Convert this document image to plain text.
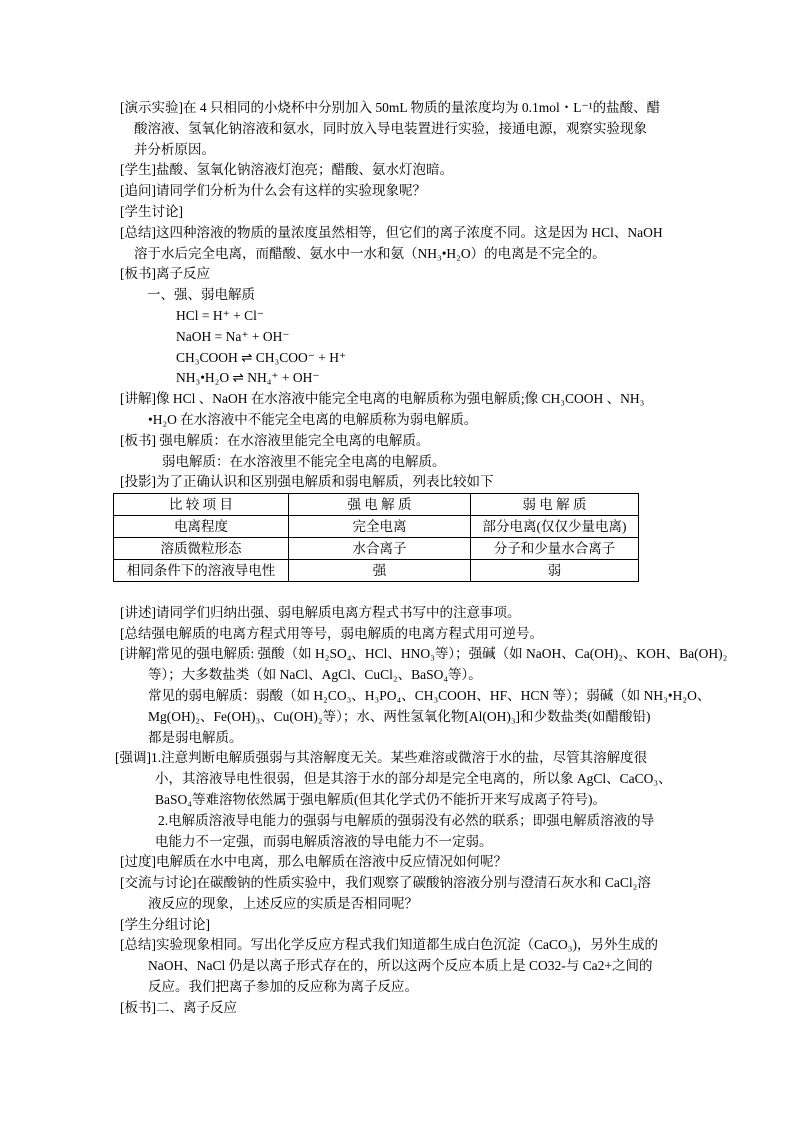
[演示实验]在 4 只相同的小烧杯中分别加入 50mL 物质的量浓度均为 0.1mol・L⁻¹的盐酸、醋
酸溶液、氢氧化钠溶液和氨水，同时放入导电装置进行实验，接通电源，观察实验现象
并分析原因。
[学生]盐酸、氢氧化钠溶液灯泡亮；醋酸、氨水灯泡暗。
[追问]请同学们分析为什么会有这样的实验现象呢？
[学生讨论]
[总结]这四种溶液的物质的量浓度虽然相等，但它们的离子浓度不同。这是因为 HCl、NaOH
溶于水后完全电离，而醋酸、氨水中一水和氨（NH₃•H₂O）的电离是不完全的。
[板书]离子反应
一、强、弱电解质
HCl = H⁺ + Cl⁻
NaOH = Na⁺ + OH⁻
CH₃COOH ⇌ CH₃COO⁻ + H⁺
NH₃•H₂O ⇌ NH₄⁺ + OH⁻
[讲解]像 HCl 、NaOH 在水溶液中能完全电离的电解质称为强电解质;像 CH₃COOH 、NH₃
•H₂O 在水溶液中不能完全电离的电解质称为弱电解质。
[板书] 强电解质：在水溶液里能完全电离的电解质。
弱电解质：在水溶液里不能完全电离的电解质。
[投影]为了正确认识和区别强电解质和弱电解质，列表比较如下
比 较 项 目	强 电 解 质	弱 电 解 质
电离程度	完全电离	部分电离(仅仅少量电离)
溶质微粒形态	水合离子	分子和少量水合离子
相同条件下的溶液导电性	强	弱
[讲述]请同学们归纳出强、弱电解质电离方程式书写中的注意事项。
[总结强电解质的电离方程式用等号，弱电解质的电离方程式用可逆号。
[讲解]常见的强电解质: 强酸（如 H₂SO₄、HCl、HNO₃等）；强碱（如 NaOH、Ca(OH)₂、KOH、Ba(OH)₂
等）；大多数盐类（如 NaCl、AgCl、CuCl₂、BaSO₄等）。
常见的弱电解质：弱酸（如 H₂CO₃、H₃PO₄、CH₃COOH、HF、HCN 等）；弱碱（如 NH₃•H₂O、
Mg(OH)₂、Fe(OH)₃、Cu(OH)₂等）；水、两性氢氧化物[Al(OH)₃]和少数盐类(如醋酸铅)
都是弱电解质。
[强调]1.注意判断电解质强弱与其溶解度无关。某些难溶或微溶于水的盐，尽管其溶解度很
小，其溶液导电性很弱，但是其溶于水的部分却是完全电离的，所以象 AgCl、CaCO₃、
BaSO₄等难溶物依然属于强电解质(但其化学式仍不能折开来写成离子符号)。
2.电解质溶液导电能力的强弱与电解质的强弱没有必然的联系；即强电解质溶液的导
电能力不一定强，而弱电解质溶液的导电能力不一定弱。
[过度]电解质在水中电离，那么电解质在溶液中反应情况如何呢？
[交流与讨论]在碳酸钠的性质实验中，我们观察了碳酸钠溶液分别与澄清石灰水和 CaCl₂溶
液反应的现象，上述反应的实质是否相同呢？
[学生分组讨论]
[总结]实验现象相同。写出化学反应方程式我们知道都生成白色沉淀（CaCO₃)，另外生成的
NaOH、NaCl 仍是以离子形式存在的，所以这两个反应本质上是 CO32-与 Ca2+之间的
反应。我们把离子参加的反应称为离子反应。
[板书]二、离子反应
